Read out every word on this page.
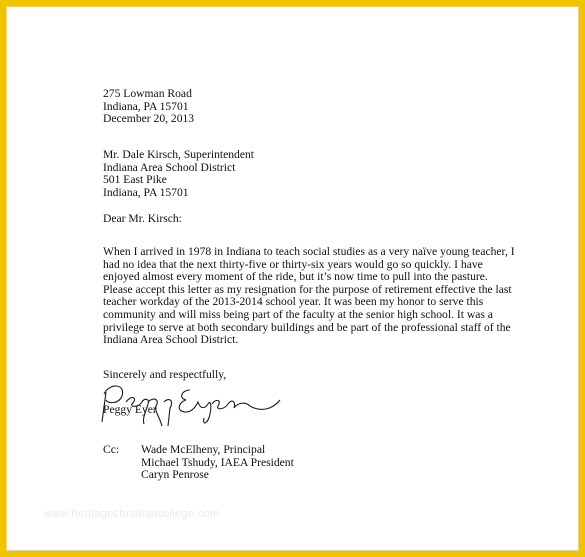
275 Lowman Road
Indiana, PA 15701
December 20, 2013
Mr. Dale Kirsch, Superintendent
Indiana Area School District
501 East Pike
Indiana, PA 15701
Dear Mr. Kirsch:
When I arrived in 1978 in Indiana to teach social studies as a very naïve young teacher, I
had no idea that the next thirty-five or thirty-six years would go so quickly. I have
enjoyed almost every moment of the ride, but it’s now time to pull into the pasture.
Please accept this letter as my resignation for the purpose of retirement effective the last
teacher workday of the 2013-2014 school year. It was been my honor to serve this
community and will miss being part of the faculty at the senior high school. It was a
privilege to serve at both secondary buildings and be part of the professional staff of the
Indiana Area School District.
Sincerely and respectfully,
Peggy Eyer
Cc:	Wade McElheny, Principal
Michael Tshudy, IAEA President
Caryn Penrose
www.heritagechristiancollege.com
